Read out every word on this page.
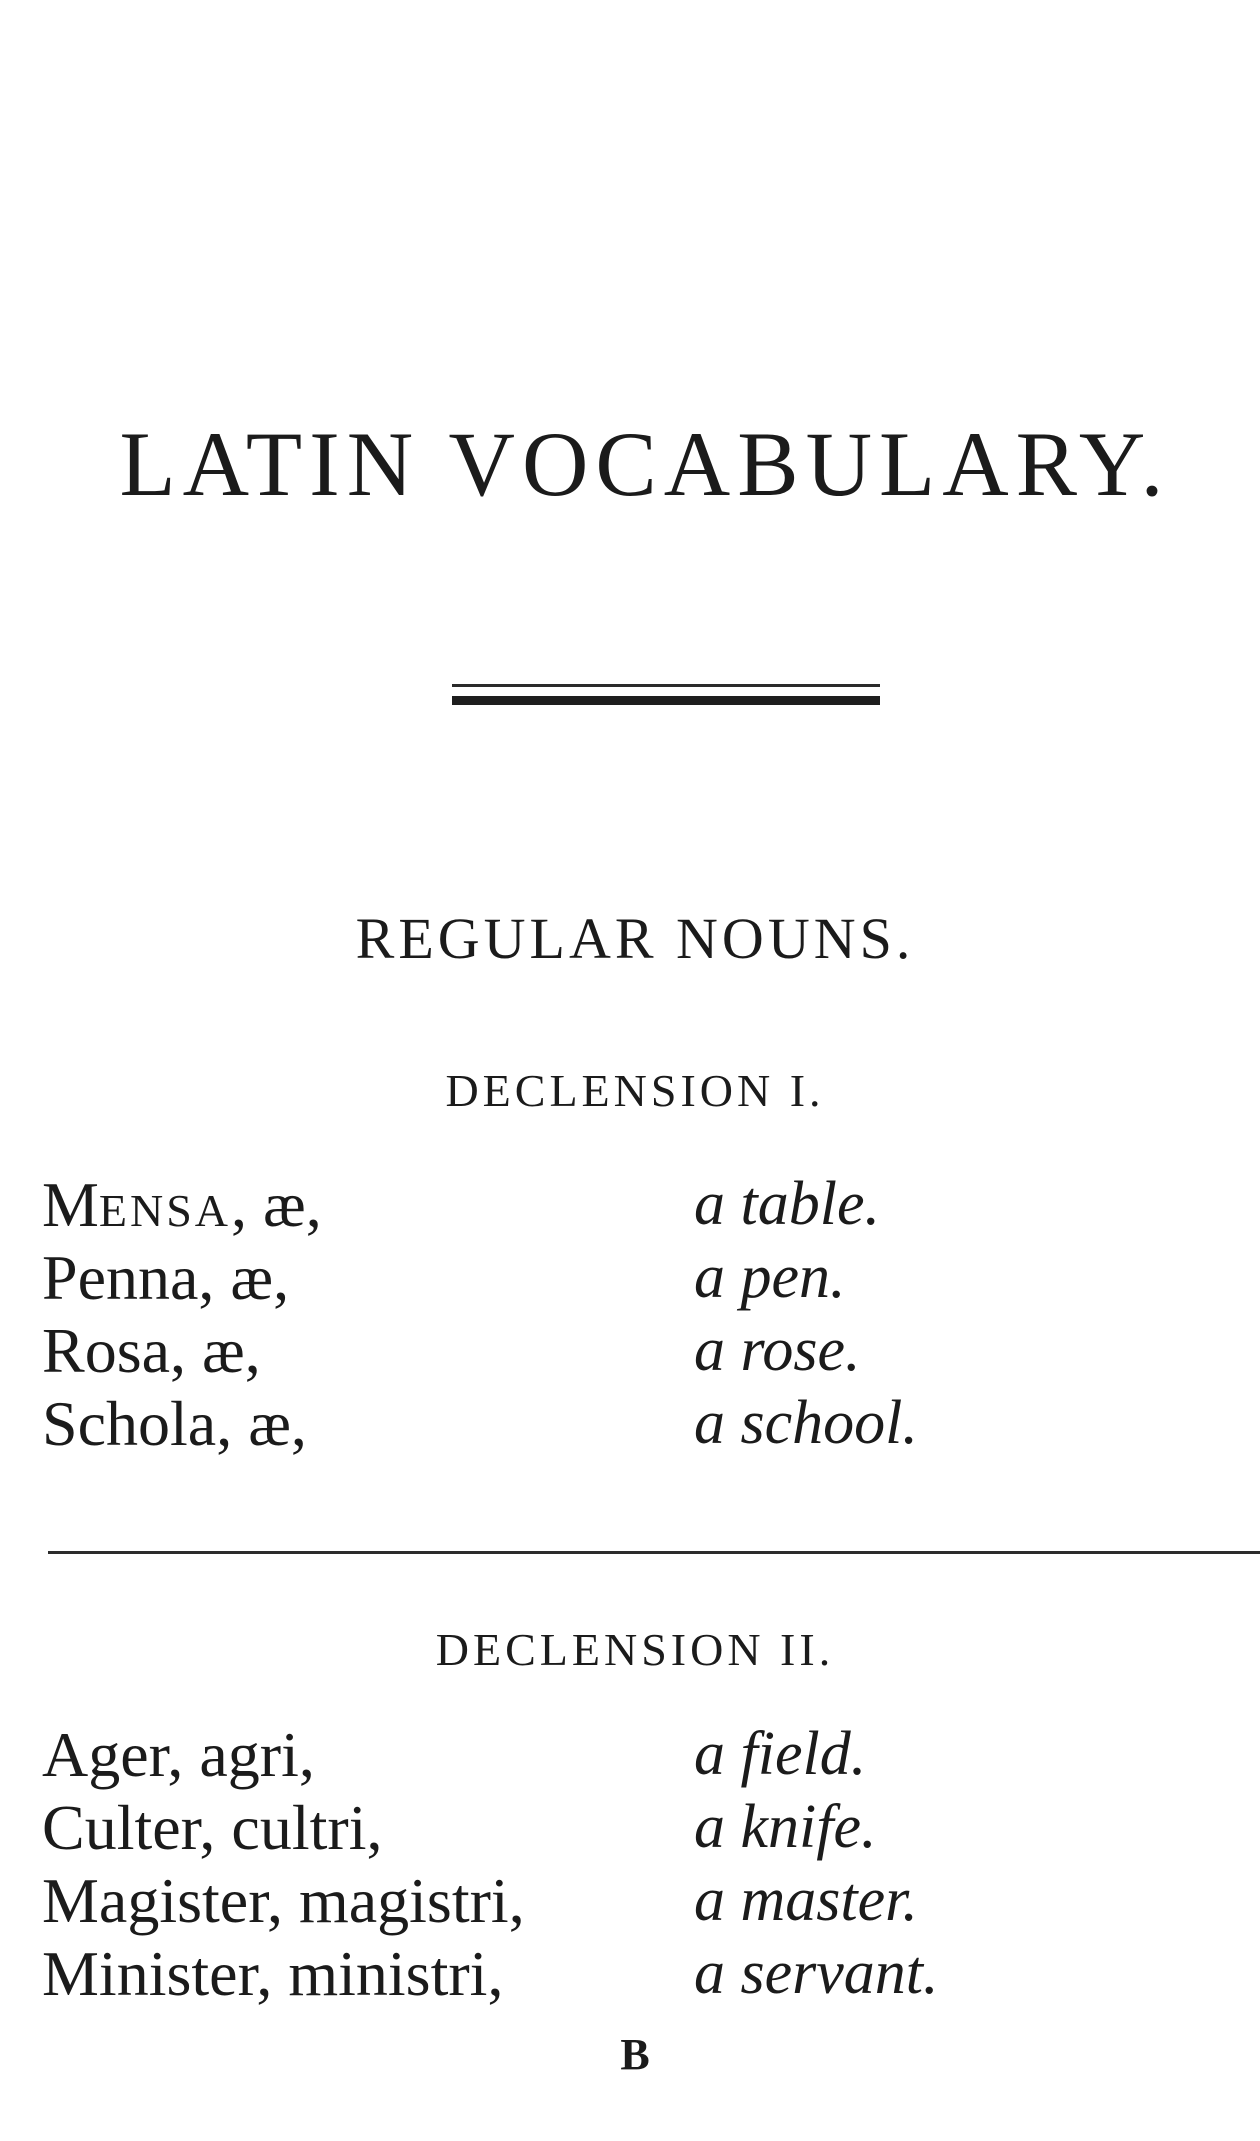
LATIN VOCABULARY.
REGULAR NOUNS.
DECLENSION I.
MENSA, æ,	a table.
Penna, æ,	a pen.
Rosa, æ,	a rose.
Schola, æ,	a school.
DECLENSION II.
Ager, agri,	a field.
Culter, cultri,	a knife.
Magister, magistri,	a master.
Minister, ministri,	a servant.
B
